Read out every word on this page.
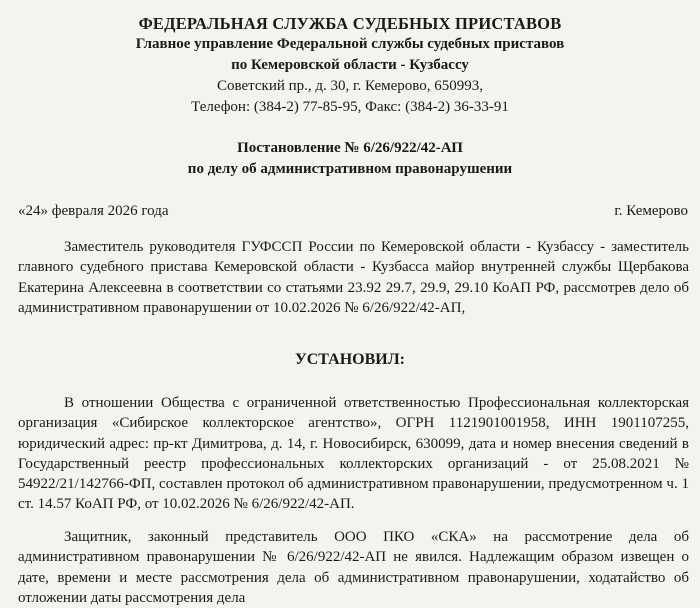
ФЕДЕРАЛЬНАЯ СЛУЖБА СУДЕБНЫХ ПРИСТАВОВ
Главное управление Федеральной службы судебных приставов
по Кемеровской области - Кузбассу
Советский пр., д. 30, г. Кемерово, 650993,
Телефон: (384-2) 77-85-95, Факс: (384-2) 36-33-91
Постановление № 6/26/922/42-АП
по делу об административном правонарушении
«24» февраля 2026 года	г. Кемерово
Заместитель руководителя ГУФССП России по Кемеровской области - Кузбассу - заместитель главного судебного пристава Кемеровской области - Кузбасса майор внутренней службы Щербакова Екатерина Алексеевна в соответствии со статьями 23.92 29.7, 29.9, 29.10 КоАП РФ, рассмотрев дело об административном правонарушении от 10.02.2026 № 6/26/922/42-АП,
УСТАНОВИЛ:
В отношении Общества с ограниченной ответственностью Профессиональная коллекторская организация «Сибирское коллекторское агентство», ОГРН 1121901001958, ИНН 1901107255, юридический адрес: пр-кт Димитрова, д. 14, г. Новосибирск, 630099, дата и номер внесения сведений в Государственный реестр профессиональных коллекторских организаций - от 25.08.2021 № 54922/21/142766-ФП, составлен протокол об административном правонарушении, предусмотренном ч. 1 ст. 14.57 КоАП РФ, от 10.02.2026 № 6/26/922/42-АП.
Защитник, законный представитель ООО ПКО «СКА» на рассмотрение дела об административном правонарушении № 6/26/922/42-АП не явился. Надлежащим образом извещен о дате, времени и месте рассмотрения дела об административном правонарушении, ходатайство об отложении даты рассмотрения дела
